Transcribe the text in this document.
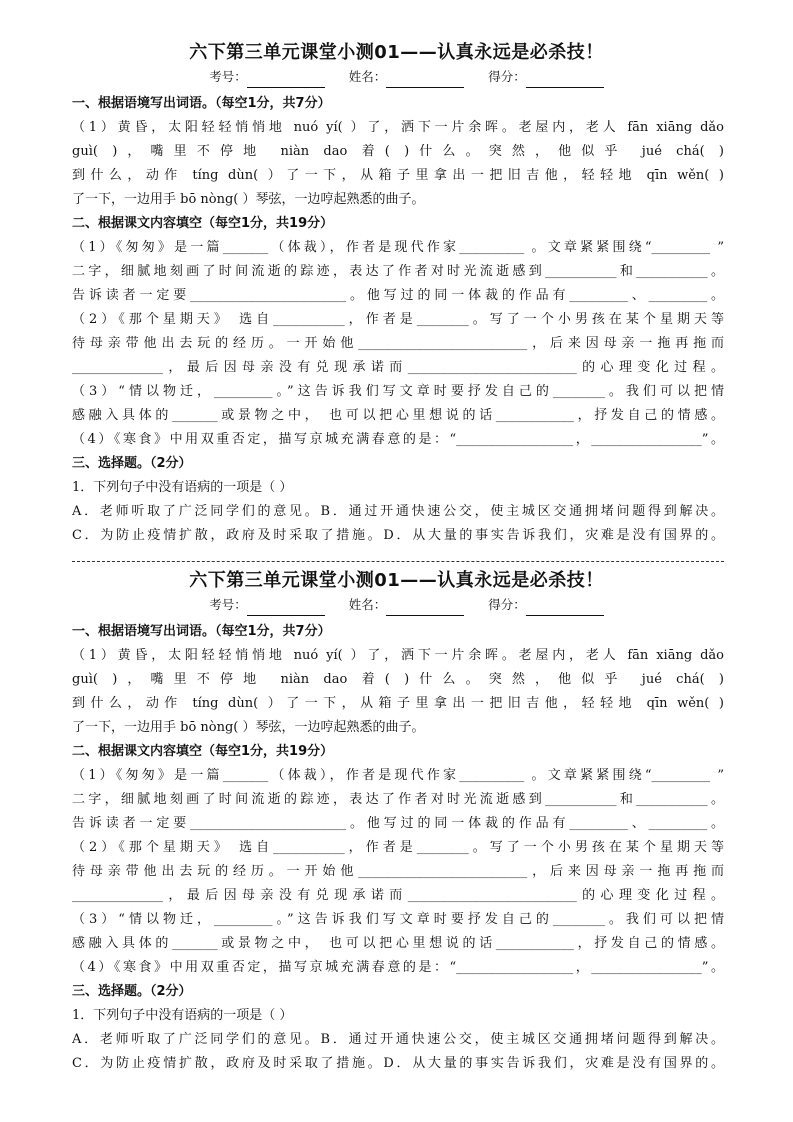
六下第三单元课堂小测01——认真永远是必杀技！
考号：	姓名：	得分：
一、根据语境写出词语。（每空1分，共7分）
（1）黄昏，太阳轻轻悄悄地 nuó yí( ）了，洒下一片余晖。老屋内，老人 fān xiāng dǎo
guì( )，嘴里不停地 niàn dao 着( )什么。突然，他似乎 jué chá( )
到什么，动作 tíng dùn( ）了一下，从箱子里拿出一把旧吉他，轻轻地 qīn wěn( )
了一下，一边用手 bō nòng( ）琴弦，一边哼起熟悉的曲子。
二、根据课文内容填空（每空1分，共19分）
（1）《匆匆》是一篇_______（体裁），作者是现代作家__________ 。文章紧紧围绕“_________ ”
二字，细腻地刻画了时间流逝的踪迹，表达了作者对时光流逝感到___________和___________。
告诉读者一定要________________________。他写过的同一体裁的作品有_________、_________。
（2）《那个星期天》 选自___________，作者是________。写了一个小男孩在某个星期天等
待母亲带他出去玩的经历。一开始他__________________________，后来因母亲一拖再拖而
______________，最后因母亲没有兑现承诺而__________________________的心理变化过程。
（3）“情以物迁，_________。”这告诉我们写文章时要抒发自己的________。我们可以把情
感融入具体的_______或景物之中， 也可以把心里想说的话____________，抒发自己的情感。
（4）《寒食》中用双重否定，描写京城充满春意的是：“__________________，_________________”。
三、选择题。（2分）
1．下列句子中没有语病的一项是（ ）
A．老师听取了广泛同学们的意见。B．通过开通快速公交，使主城区交通拥堵问题得到解决。
C．为防止疫情扩散，政府及时采取了措施。D．从大量的事实告诉我们，灾难是没有国界的。
六下第三单元课堂小测01——认真永远是必杀技！
考号：	姓名：	得分：
一、根据语境写出词语。（每空1分，共7分）
（1）黄昏，太阳轻轻悄悄地 nuó yí( ）了，洒下一片余晖。老屋内，老人 fān xiāng dǎo
guì( )，嘴里不停地 niàn dao 着( )什么。突然，他似乎 jué chá( )
到什么，动作 tíng dùn( ）了一下，从箱子里拿出一把旧吉他，轻轻地 qīn wěn( )
了一下，一边用手 bō nòng( ）琴弦，一边哼起熟悉的曲子。
二、根据课文内容填空（每空1分，共19分）
（1）《匆匆》是一篇_______（体裁），作者是现代作家__________ 。文章紧紧围绕“_________ ”
二字，细腻地刻画了时间流逝的踪迹，表达了作者对时光流逝感到___________和___________。
告诉读者一定要________________________。他写过的同一体裁的作品有_________、_________。
（2）《那个星期天》 选自___________，作者是________。写了一个小男孩在某个星期天等
待母亲带他出去玩的经历。一开始他__________________________，后来因母亲一拖再拖而
______________，最后因母亲没有兑现承诺而__________________________的心理变化过程。
（3）“情以物迁，_________。”这告诉我们写文章时要抒发自己的________。我们可以把情
感融入具体的_______或景物之中， 也可以把心里想说的话____________，抒发自己的情感。
（4）《寒食》中用双重否定，描写京城充满春意的是：“__________________，_________________”。
三、选择题。（2分）
1．下列句子中没有语病的一项是（ ）
A．老师听取了广泛同学们的意见。B．通过开通快速公交，使主城区交通拥堵问题得到解决。
C．为防止疫情扩散，政府及时采取了措施。D．从大量的事实告诉我们，灾难是没有国界的。
